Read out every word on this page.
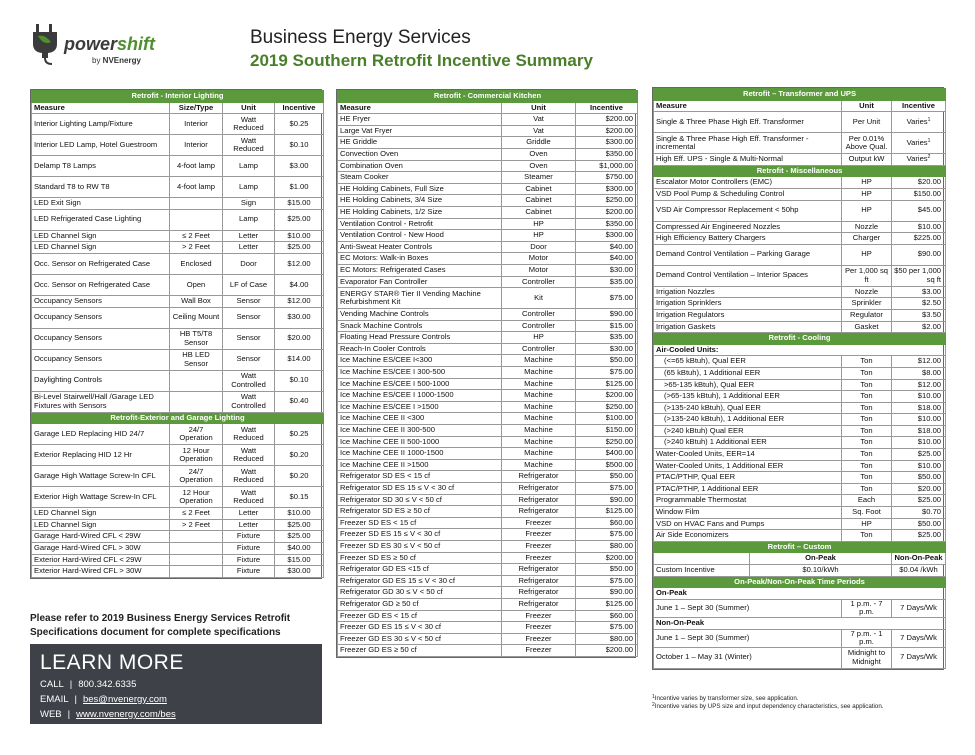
powershift
by NVEnergy
Business Energy Services
2019 Southern Retrofit Incentive Summary
Retrofit - Interior Lighting			
Measure	Size/Type	Unit	Incentive
Interior Lighting Lamp/Fixture	Interior	Watt Reduced	$0.25
Interior LED Lamp, Hotel Guestroom	Interior	Watt Reduced	$0.10
Delamp T8 Lamps	4-foot lamp	Lamp	$3.00
Standard T8 to RW T8	4-foot lamp	Lamp	$1.00
LED Exit Sign		Sign	$15.00
LED Refrigerated Case Lighting		Lamp	$25.00
LED Channel Sign	≤ 2 Feet	Letter	$10.00
LED Channel Sign	> 2 Feet	Letter	$25.00
Occ. Sensor on Refrigerated Case	Enclosed	Door	$12.00
Occ. Sensor on Refrigerated Case	Open	LF of Case	$4.00
Occupancy Sensors	Wall Box	Sensor	$12.00
Occupancy Sensors	Ceiling Mount	Sensor	$30.00
Occupancy Sensors	HB T5/T8 Sensor	Sensor	$20.00
Occupancy Sensors	HB LED Sensor	Sensor	$14.00
Daylighting Controls		Watt Controlled	$0.10
Bi-Level Stairwell/Hall /Garage LED Fixtures with Sensors		Watt Controlled	$0.40
Retrofit-Exterior and Garage Lighting			
Garage LED Replacing HID 24/7	24/7 Operation	Watt Reduced	$0.25
Exterior Replacing HID 12 Hr	12 Hour Operation	Watt Reduced	$0.20
Garage High Wattage Screw-In CFL	24/7 Operation	Watt Reduced	$0.20
Exterior High Wattage Screw-In CFL	12 Hour Operation	Watt Reduced	$0.15
LED Channel Sign	≤ 2 Feet	Letter	$10.00
LED Channel Sign	> 2 Feet	Letter	$25.00
Garage Hard-Wired CFL < 29W		Fixture	$25.00
Garage Hard-Wired CFL > 30W		Fixture	$40.00
Exterior Hard-Wired CFL < 29W		Fixture	$15.00
Exterior Hard-Wired CFL > 30W		Fixture	$30.00
Retrofit - Commercial Kitchen		
Measure	Unit	Incentive
HE Fryer	Vat	$200.00
Large Vat Fryer	Vat	$200.00
HE Griddle	Griddle	$300.00
Convection Oven	Oven	$350.00
Combination Oven	Oven	$1,000.00
Steam Cooker	Steamer	$750.00
HE Holding Cabinets, Full Size	Cabinet	$300.00
HE Holding Cabinets, 3/4 Size	Cabinet	$250.00
HE Holding Cabinets, 1/2 Size	Cabinet	$200.00
Ventilation Control - Retrofit	HP	$350.00
Ventilation Control - New Hood	HP	$300.00
Anti-Sweat Heater Controls	Door	$40.00
EC Motors: Walk-in Boxes	Motor	$40.00
EC Motors: Refrigerated Cases	Motor	$30.00
Evaporator Fan Controller	Controller	$35.00
ENERGY STAR® Tier II Vending Machine Refurbishment Kit	Kit	$75.00
Vending Machine Controls	Controller	$90.00
Snack Machine Controls	Controller	$15.00
Floating Head Pressure Controls	HP	$35.00
Reach-In Cooler Controls	Controller	$30.00
Ice Machine ES/CEE I<300	Machine	$50.00
Ice Machine ES/CEE I 300-500	Machine	$75.00
Ice Machine ES/CEE I 500-1000	Machine	$125.00
Ice Machine ES/CEE I 1000-1500	Machine	$200.00
Ice Machine ES/CEE I >1500	Machine	$250.00
Ice Machine CEE II <300	Machine	$100.00
Ice Machine CEE II 300-500	Machine	$150.00
Ice Machine CEE II 500-1000	Machine	$250.00
Ice Machine CEE II 1000-1500	Machine	$400.00
Ice Machine CEE II >1500	Machine	$500.00
Refrigerator SD ES < 15 cf	Refrigerator	$50.00
Refrigerator SD ES 15 ≤ V < 30 cf	Refrigerator	$75.00
Refrigerator SD 30 ≤ V < 50 cf	Refrigerator	$90.00
Refrigerator SD ES ≥ 50 cf	Refrigerator	$125.00
Freezer SD ES < 15 cf	Freezer	$60.00
Freezer SD ES 15 ≤ V < 30 cf	Freezer	$75.00
Freezer SD ES 30 ≤ V < 50 cf	Freezer	$80.00
Freezer SD ES ≥ 50 cf	Freezer	$200.00
Refrigerator GD ES <15 cf	Refrigerator	$50.00
Refrigerator GD ES 15 ≤ V < 30 cf	Refrigerator	$75.00
Refrigerator GD 30 ≤ V < 50 cf	Refrigerator	$90.00
Refrigerator GD ≥ 50 cf	Refrigerator	$125.00
Freezer GD ES < 15 cf	Freezer	$60.00
Freezer GD ES 15 ≤ V < 30 cf	Freezer	$75.00
Freezer GD ES 30 ≤ V < 50 cf	Freezer	$80.00
Freezer GD ES ≥ 50 cf	Freezer	$200.00
Retrofit – Transformer and UPS			
Measure		Unit	Incentive
Single & Three Phase High Eff. Transformer		Per Unit	Varies$^1$
Single & Three Phase High Eff. Transformer - incremental		Per 0.01% Above Qual.	Varies$^1$
High Eff. UPS - Single & Multi-Normal		Output kW	Varies$^2$
Retrofit - Miscellaneous			
Escalator Motor Controllers (EMC)		HP	$20.00
VSD Pool Pump & Scheduling Control		HP	$150.00
VSD Air Compressor Replacement < 50hp		HP	$45.00
Compressed Air Engineered Nozzles		Nozzle	$10.00
High Efficiency Battery Chargers		Charger	$225.00
Demand Control Ventilation – Parking Garage		HP	$90.00
Demand Control Ventilation – Interior Spaces		Per 1,000 sq ft	$50 per 1,000 sq ft
Irrigation Nozzles		Nozzle	$3.00
Irrigation Sprinklers		Sprinkler	$2.50
Irrigation Regulators		Regulator	$3.50
Irrigation Gaskets		Gasket	$2.00
Retrofit - Cooling			
Air-Cooled Units:			
(<=65 kBtuh), Qual EER		Ton	$12.00
(65 kBtuh), 1 Additional EER		Ton	$8.00
>65-135 kBtuh), Qual EER		Ton	$12.00
(>65-135 kBtuh), 1 Additional EER		Ton	$10.00
(>135-240 kBtuh), Qual EER		Ton	$18.00
(>135-240 kBtuh), 1 Additional EER		Ton	$10.00
(>240 kBtuh) Qual EER		Ton	$18.00
(>240 kBtuh) 1 Additional EER		Ton	$10.00
Water-Cooled Units, EER=14		Ton	$25.00
Water-Cooled Units, 1 Additional EER		Ton	$10.00
PTAC/PTHP, Qual EER		Ton	$50.00
PTAC/PTHP, 1 Additional EER		Ton	$20.00
Programmable Thermostat		Each	$25.00
Window Film		Sq. Foot	$0.70
VSD on HVAC Fans and Pumps		HP	$50.00
Air Side Economizers		Ton	$25.00
Retrofit – Custom			
	On-Peak		Non-On-Peak
Custom Incentive	$0.10/kWh		$0.04 /kWh
On-Peak/Non-On-Peak Time Periods			
On-Peak			
June 1 – Sept 30 (Summer)		1 p.m. - 7 p.m.	7 Days/Wk
Non-On-Peak			
June 1 – Sept 30 (Summer)		7 p.m. - 1 p.m.	7 Days/Wk
October 1 – May 31 (Winter)		Midnight to Midnight	7 Days/Wk
Please refer to 2019 Business Energy Services Retrofit Specifications document for complete specifications
LEARN MORE
CALL | 800.342.6335
EMAIL | bes@nvenergy.com
WEB | www.nvenergy.com/bes
$^1$Incentive varies by transformer size, see application.
$^2$Incentive varies by UPS size and input dependency characteristics, see application.
